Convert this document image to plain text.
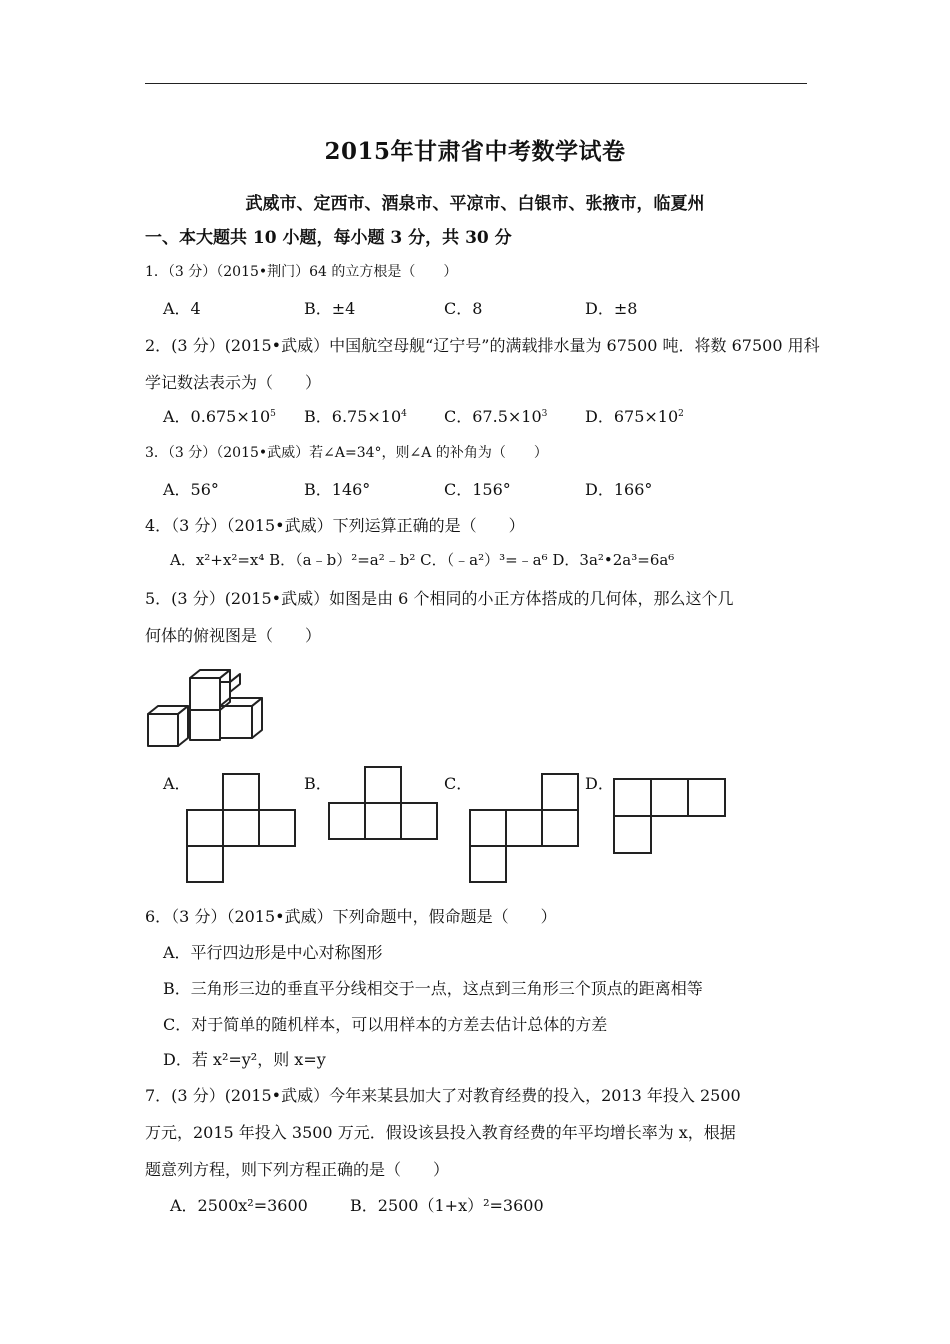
2015年甘肃省中考数学试卷
武威市、定西市、酒泉市、平凉市、白银市、张掖市，临夏州
一、本大题共 10 小题，每小题 3 分，共 30 分
1．（3 分）（2015•荆门）64 的立方根是（　　）
A．4	B．±4	C．8	D．±8
2．(3 分）(2015•武威）中国航空母舰“辽宁号”的满载排水量为 67500 吨．将数 67500 用科
学记数法表示为（　　）
A．$0.675\times 10^5$ B．$6.75\times 10^4$ C．$67.5\times 10^3$ D．$675\times 10^2$
3．（3 分）（2015•武威）若∠A=34°，则∠A 的补角为（　　）
A．56°	B．146°	C．156°	D．166°
4．（3 分）（2015•武威）下列运算正确的是（　　）
A．x²+x²=x⁴ B．（a﹣b）²=a²﹣b² C．（﹣a²）³=﹣a⁶ D．3a²•2a³=6a⁶
5．(3 分）(2015•武威）如图是由 6 个相同的小正方体搭成的几何体，那么这个几
何体的俯视图是（　　）
A．	B．	C．	D．
6．（3 分）（2015•武威）下列命题中，假命题是（　　）
A．平行四边形是中心对称图形
B．三角形三边的垂直平分线相交于一点，这点到三角形三个顶点的距离相等
C．对于简单的随机样本，可以用样本的方差去估计总体的方差
D．若 x²=y²，则 x=y
7．(3 分）(2015•武威）今年来某县加大了对教育经费的投入，2013 年投入 2500
万元，2015 年投入 3500 万元．假设该县投入教育经费的年平均增长率为 x，根据
题意列方程，则下列方程正确的是（　　）
A．2500x²=3600	B．2500（1+x）²=3600
